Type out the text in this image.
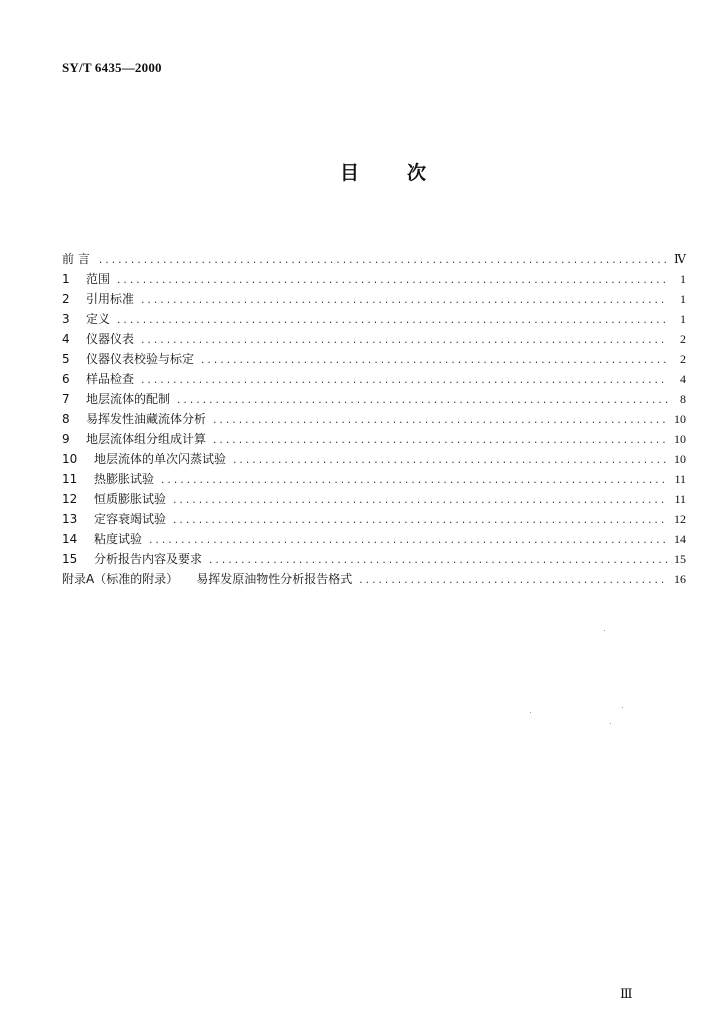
SY/T 6435—2000
目	次
前 言 .....	Ⅳ
1	范围 .....	1
2	引用标准 .....	1
3	定义 .....	1
4	仪器仪表 .....	2
5	仪器仪表校验与标定 .....	2
6	样品检查 .....	4
7	地层流体的配制 .....	8
8	易挥发性油藏流体分析 .....	10
9	地层流体组分组成计算 .....	10
10	地层流体的单次闪蒸试验 .....	10
11	热膨胀试验 .....	11
12	恒质膨胀试验 .....	11
13	定容衰竭试验 .....	12
14	粘度试验 .....	14
15	分析报告内容及要求 .....	15
附录A（标准的附录）	易挥发原油物性分析报告格式 .....	16
Ⅲ
